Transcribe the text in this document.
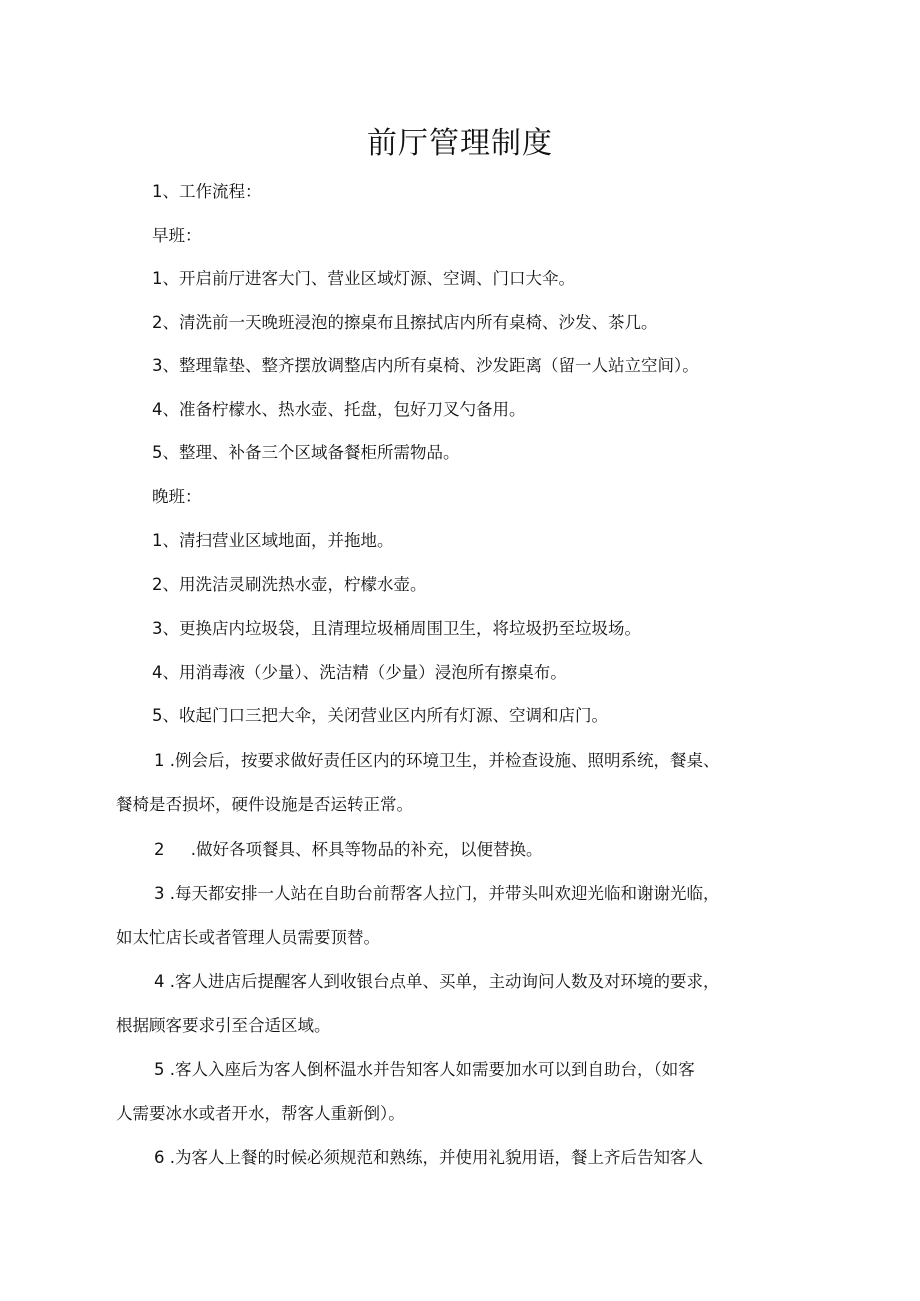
前厅管理制度
1、工作流程：
早班：
1、开启前厅进客大门、营业区域灯源、空调、门口大伞。
2、清洗前一天晚班浸泡的擦桌布且擦拭店内所有桌椅、沙发、茶几。
3、整理靠垫、整齐摆放调整店内所有桌椅、沙发距离（留一人站立空间）。
4、准备柠檬水、热水壶、托盘，包好刀叉勺备用。
5、整理、补备三个区域备餐柜所需物品。
晚班：
1、清扫营业区域地面，并拖地。
2、用洗洁灵刷洗热水壶，柠檬水壶。
3、更换店内垃圾袋，且清理垃圾桶周围卫生，将垃圾扔至垃圾场。
4、用消毒液（少量）、洗洁精（少量）浸泡所有擦桌布。
5、收起门口三把大伞，关闭营业区内所有灯源、空调和店门。
1 .例会后，按要求做好责任区内的环境卫生，并检查设施、照明系统，餐桌、
餐椅是否损坏，硬件设施是否运转正常。
2     .做好各项餐具、杯具等物品的补充，以便替换。
3 .每天都安排一人站在自助台前帮客人拉门，并带头叫欢迎光临和谢谢光临，
如太忙店长或者管理人员需要顶替。
4 .客人进店后提醒客人到收银台点单、买单，主动询问人数及对环境的要求，
根据顾客要求引至合适区域。
5 .客人入座后为客人倒杯温水并告知客人如需要加水可以到自助台，（如客
人需要冰水或者开水，帮客人重新倒）。
6 .为客人上餐的时候必须规范和熟练，并使用礼貌用语，餐上齐后告知客人
